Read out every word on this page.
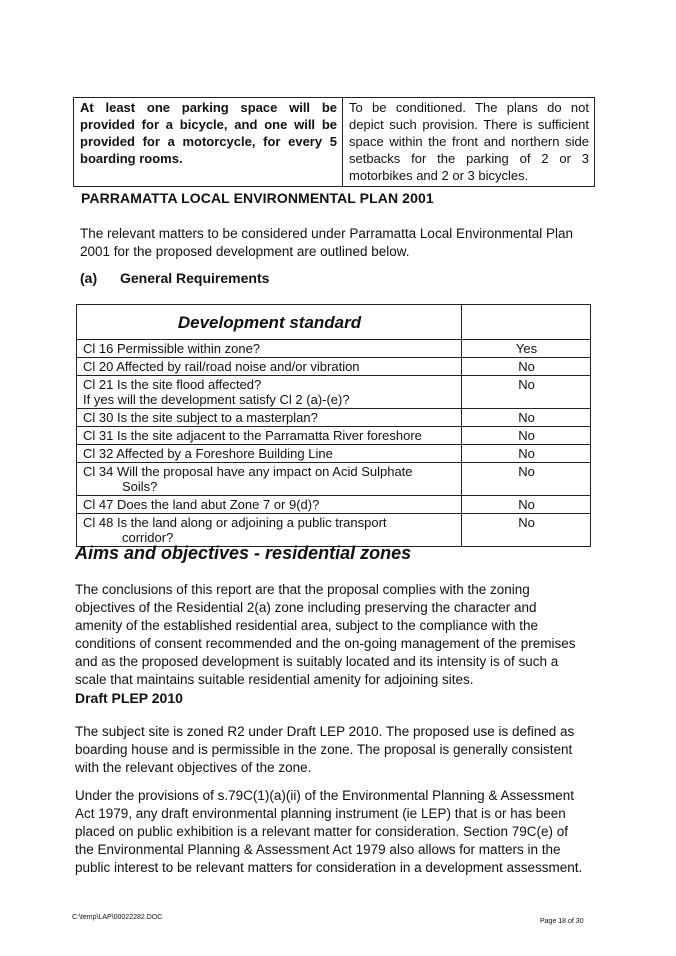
At least one parking space will be provided for a bicycle, and one will be provided for a motorcycle, for every 5 boarding rooms.	To be conditioned. The plans do not depict such provision. There is sufficient space within the front and northern side setbacks for the parking of 2 or 3 motorbikes and 2 or 3 bicycles.
PARRAMATTA LOCAL ENVIRONMENTAL PLAN 2001

The relevant matters to be considered under Parramatta Local Environmental Plan 2001 for the proposed development are outlined below.

(a) General Requirements
Development standard	

Cl 16 Permissible within zone?	Yes
Cl 20 Affected by rail/road noise and/or vibration	No
Cl 21 Is the site flood affected?
If yes will the development satisfy Cl 2 (a)-(e)?	No
Cl 30 Is the site subject to a masterplan?	No
Cl 31 Is the site adjacent to the Parramatta River foreshore	No
Cl 32 Affected by a Foreshore Building Line	No
Cl 34 Will the proposal have any impact on Acid Sulphate
Soils?	No
Cl 47 Does the land abut Zone 7 or 9(d)?	No
Cl 48 Is the land along or adjoining a public transport
corridor?	No
Aims and objectives - residential zones

The conclusions of this report are that the proposal complies with the zoning objectives of the Residential 2(a) zone including preserving the character and amenity of the established residential area, subject to the compliance with the conditions of consent recommended and the on-going management of the premises and as the proposed development is suitably located and its intensity is of such a scale that maintains suitable residential amenity for adjoining sites.

Draft PLEP 2010

The subject site is zoned R2 under Draft LEP 2010. The proposed use is defined as boarding house and is permissible in the zone. The proposal is generally consistent with the relevant objectives of the zone.

Under the provisions of s.79C(1)(a)(ii) of the Environmental Planning & Assessment Act 1979, any draft environmental planning instrument (ie LEP) that is or has been placed on public exhibition is a relevant matter for consideration. Section 79C(e) of the Environmental Planning & Assessment Act 1979 also allows for matters in the public interest to be relevant matters for consideration in a development assessment.

C:\temp\LAP\00022282.DOC
Page 18 of 30
